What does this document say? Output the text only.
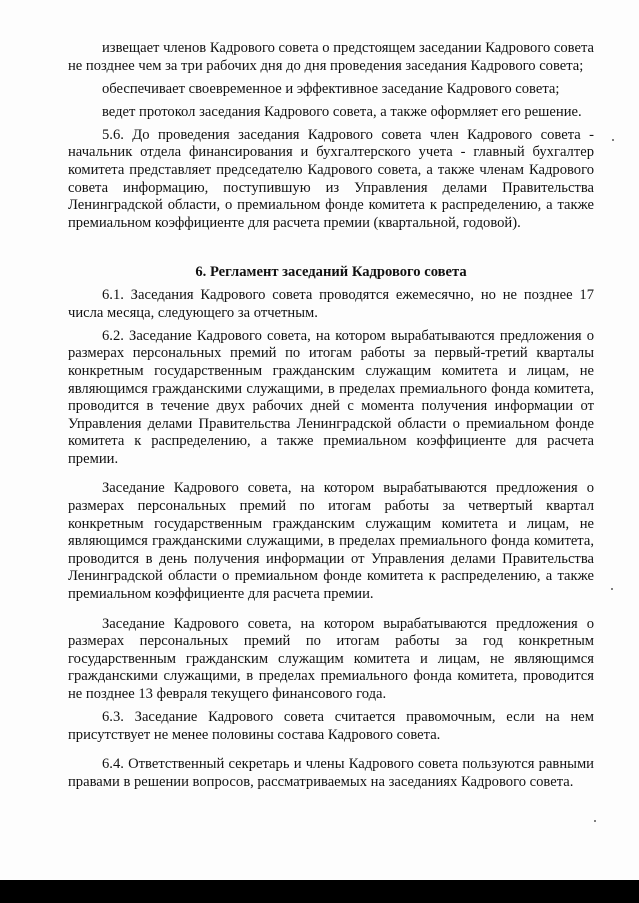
извещает членов Кадрового совета о предстоящем заседании Кадрового совета не позднее чем за три рабочих дня до дня проведения заседания Кадрового совета;

обеспечивает своевременное и эффективное заседание Кадрового совета;

ведет протокол заседания Кадрового совета, а также оформляет его решение.

5.6. До проведения заседания Кадрового совета член Кадрового совета - начальник отдела финансирования и бухгалтерского учета - главный бухгалтер комитета представляет председателю Кадрового совета, а также членам Кадрового совета информацию, поступившую из Управления делами Правительства Ленинградской области, о премиальном фонде комитета к распределению, а также премиальном коэффициенте для расчета премии (квартальной, годовой).

6. Регламент заседаний Кадрового совета

6.1. Заседания Кадрового совета проводятся ежемесячно, но не позднее 17 числа месяца, следующего за отчетным.

6.2. Заседание Кадрового совета, на котором вырабатываются предложения о размерах персональных премий по итогам работы за первый-третий кварталы конкретным государственным гражданским служащим комитета и лицам, не являющимся гражданскими служащими, в пределах премиального фонда комитета, проводится в течение двух рабочих дней с момента получения информации от Управления делами Правительства Ленинградской области о премиальном фонде комитета к распределению, а также премиальном коэффициенте для расчета премии.

Заседание Кадрового совета, на котором вырабатываются предложения о размерах персональных премий по итогам работы за четвертый квартал конкретным государственным гражданским служащим комитета и лицам, не являющимся гражданскими служащими, в пределах премиального фонда комитета, проводится в день получения информации от Управления делами Правительства Ленинградской области о премиальном фонде комитета к распределению, а также премиальном коэффициенте для расчета премии.

Заседание Кадрового совета, на котором вырабатываются предложения о размерах персональных премий по итогам работы за год конкретным государственным гражданским служащим комитета и лицам, не являющимся гражданскими служащими, в пределах премиального фонда комитета, проводится не позднее 13 февраля текущего финансового года.

6.3. Заседание Кадрового совета считается правомочным, если на нем присутствует не менее половины состава Кадрового совета.

6.4. Ответственный секретарь и члены Кадрового совета пользуются равными правами в решении вопросов, рассматриваемых на заседаниях Кадрового совета.
